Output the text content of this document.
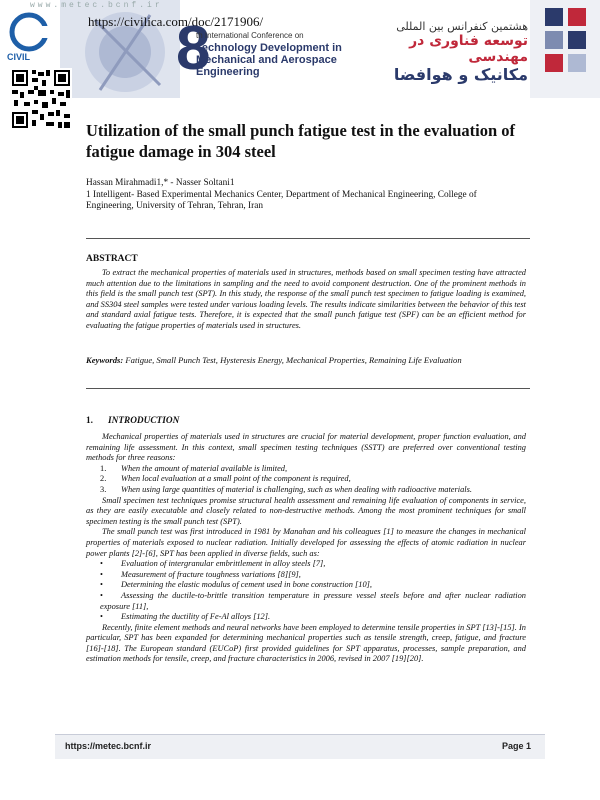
www.metec.bcnf.ir
CIVIL
https://civilica.com/doc/2171906/
8
th International Conference on
Technology Development in
Mechanical and Aerospace
Engineering
هشتمین کنفرانس بین المللی
توسعه فناوری در مهندسی
مکانیک و هوافضا
Utilization of the small punch fatigue test in the evaluation of fatigue damage in 304 steel
Hassan Mirahmadi1,* - Nasser Soltani1
1 Intelligent- Based Experimental Mechanics Center, Department of Mechanical Engineering, College of Engineering, University of Tehran, Tehran, Iran
ABSTRACT
To extract the mechanical properties of materials used in structures, methods based on small specimen testing have attracted much attention due to the limitations in sampling and the need to avoid component destruction. One of the prominent methods in this field is the small punch test (SPT). In this study, the response of the small punch test specimen to fatigue loading is examined, and SS304 steel samples were tested under various loading levels. The results indicate similarities between the behavior of this test and standard axial fatigue tests. Therefore, it is expected that the small punch fatigue test (SPF) can be an efficient method for evaluating the fatigue properties of materials used in structures.
Keywords: Fatigue, Small Punch Test, Hysteresis Energy, Mechanical Properties, Remaining Life Evaluation
1. INTRODUCTION

Mechanical properties of materials used in structures are crucial for material development, proper function evaluation, and remaining life assessment. In this context, small specimen testing techniques (SSTT) are preferred over conventional testing methods for three reasons:

1. When the amount of material available is limited,

2. When local evaluation at a small point of the component is required,

3. When using large quantities of material is challenging, such as when dealing with radioactive materials.

Small specimen test techniques promise structural health assessment and remaining life evaluation of components in service, as they are easily executable and closely related to non-destructive methods. Among the most prominent techniques for small specimen testing is the small punch test (SPT).

The small punch test was first introduced in 1981 by Manahan and his colleagues [1] to measure the changes in mechanical properties of materials exposed to nuclear radiation. Initially developed for assessing the effects of atomic radiation in nuclear power plants [2]-[6], SPT has been applied in diverse fields, such as:

• Evaluation of intergranular embrittlement in alloy steels [7],

• Measurement of fracture toughness variations [8][9],

• Determining the elastic modulus of cement used in bone construction [10],

• Assessing the ductile-to-brittle transition temperature in pressure vessel steels before and after nuclear radiation exposure [11],

• Estimating the ductility of Fe-Al alloys [12].

Recently, finite element methods and neural networks have been employed to determine tensile properties in SPT [13]-[15]. In particular, SPT has been expanded for determining mechanical properties such as tensile strength, creep, fatigue, and fracture [16]-[18]. The European standard (EUCoP) first provided guidelines for SPT apparatus, processes, sample preparation, and estimation methods for tensile, creep, and fracture characteristics in 2006, revised in 2007 [19][20].

https://metec.bcnf.ir	Page 1
